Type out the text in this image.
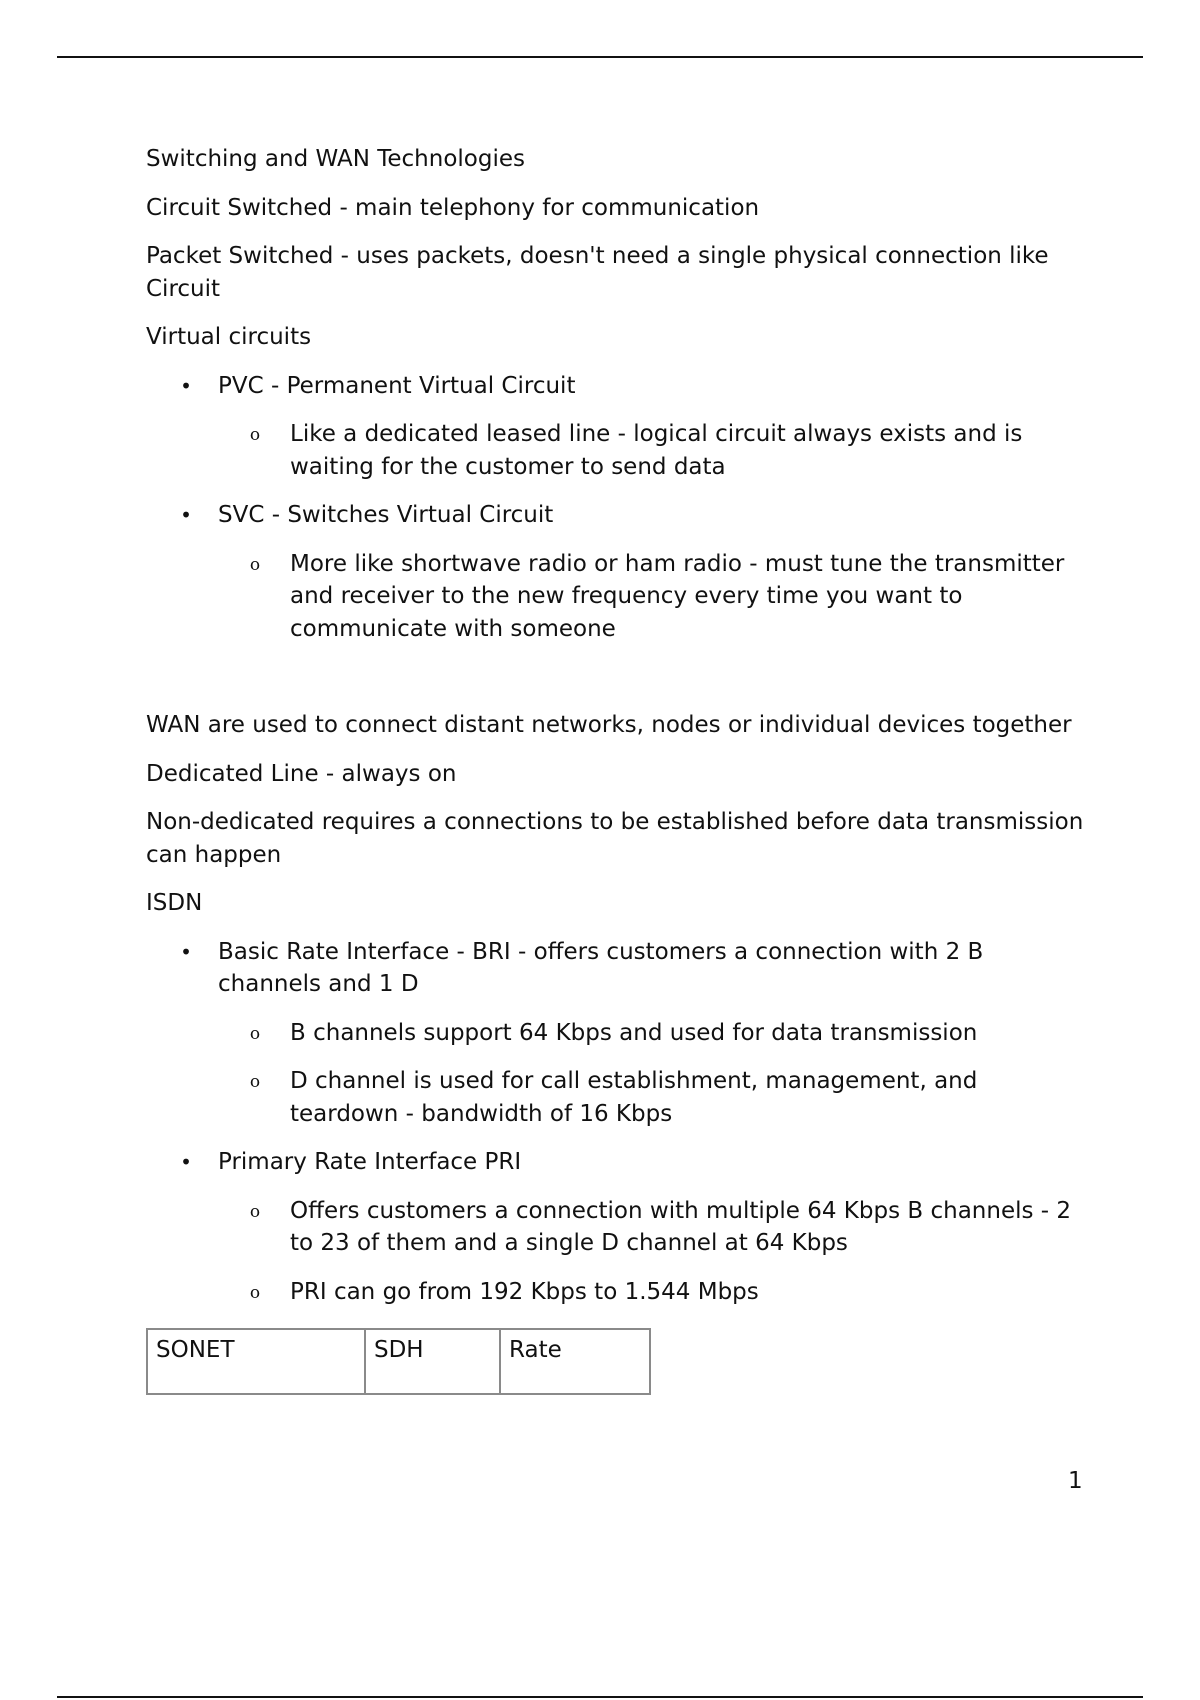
Switching and WAN Technologies

Circuit Switched - main telephony for communication

Packet Switched - uses packets, doesn't need a single physical connection like Circuit

Virtual circuits

• PVC - Permanent Virtual Circuit
o Like a dedicated leased line - logical circuit always exists and is waiting for the customer to send data
• SVC - Switches Virtual Circuit
o More like shortwave radio or ham radio - must tune the transmitter and receiver to the new frequency every time you want to communicate with someone

WAN are used to connect distant networks, nodes or individual devices together

Dedicated Line - always on

Non-dedicated requires a connections to be established before data transmission can happen

ISDN

• Basic Rate Interface - BRI - offers customers a connection with 2 B channels and 1 D
o B channels support 64 Kbps and used for data transmission
o D channel is used for call establishment, management, and teardown - bandwidth of 16 Kbps
• Primary Rate Interface PRI
o Offers customers a connection with multiple 64 Kbps B channels - 2 to 23 of them and a single D channel at 64 Kbps
o PRI can go from 192 Kbps to 1.544 Mbps
SONET	SDH	Rate
1
